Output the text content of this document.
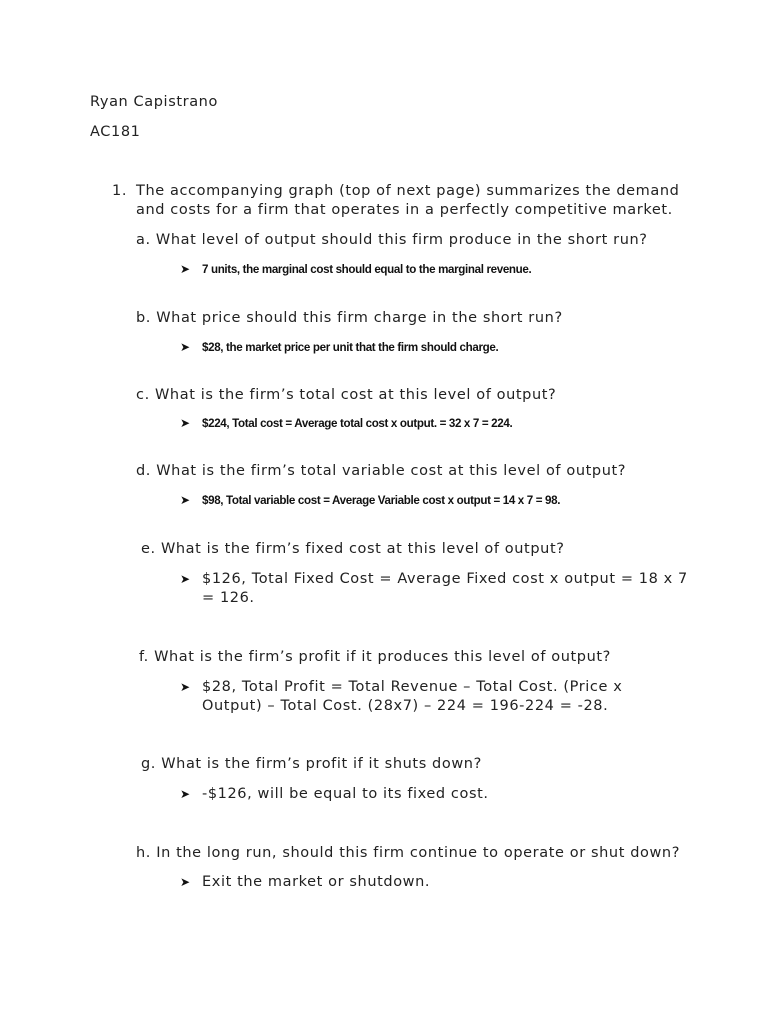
Ryan Capistrano
AC181
1. The accompanying graph (top of next page) summarizes the demand
and costs for a firm that operates in a perfectly competitive market.
a. What level of output should this firm produce in the short run?
➤	7 units, the marginal cost should equal to the marginal revenue.
b. What price should this firm charge in the short run?
➤	$28, the market price per unit that the firm should charge.
c. What is the firm’s total cost at this level of output?
➤	$224, Total cost = Average total cost x output. = 32 x 7 = 224.
d. What is the firm’s total variable cost at this level of output?
➤	$98, Total variable cost = Average Variable cost x output = 14 x 7 = 98.
e. What is the firm’s fixed cost at this level of output?
➤ $126, Total Fixed Cost = Average Fixed cost x output = 18 x 7
= 126.
f. What is the firm’s profit if it produces this level of output?
➤ $28, Total Profit = Total Revenue – Total Cost. (Price x
Output) – Total Cost. (28x7) – 224 = 196-224 = -28.
g. What is the firm’s profit if it shuts down?
➤ -$126, will be equal to its fixed cost.
h. In the long run, should this firm continue to operate or shut down?
➤ Exit the market or shutdown.
